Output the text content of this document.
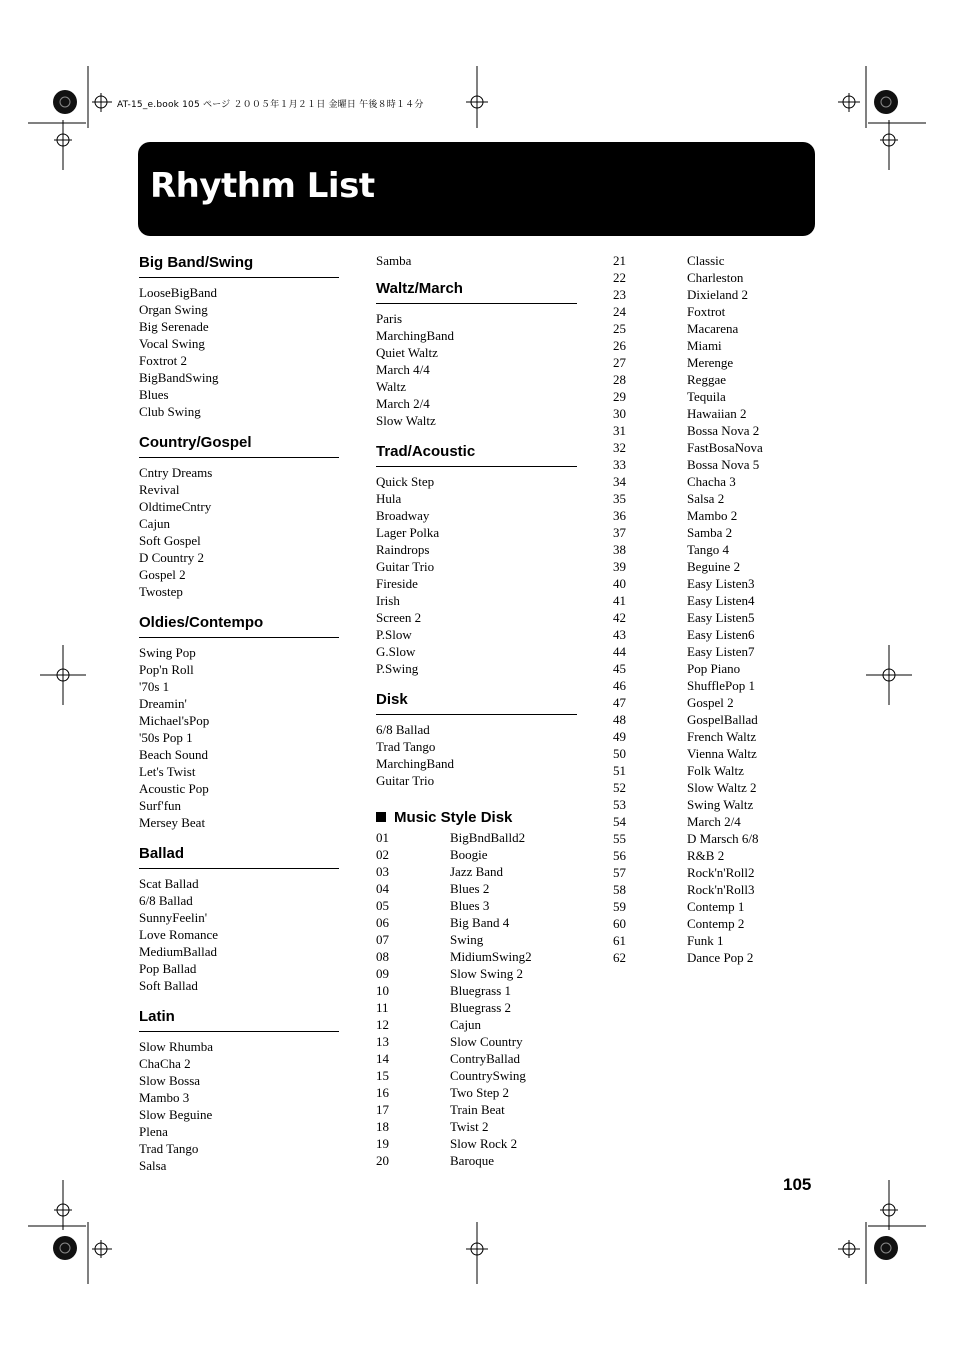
AT-15_e.book 105 ページ ２００５年１月２１日 金曜日 午後８時１４分
Rhythm List
Big Band/Swing
LooseBigBand
Organ Swing
Big Serenade
Vocal Swing
Foxtrot 2
BigBandSwing
Blues
Club Swing
Country/Gospel
Cntry Dreams
Revival
OldtimeCntry
Cajun
Soft Gospel
D Country 2
Gospel 2
Twostep
Oldies/Contempo
Swing Pop
Pop'n Roll
'70s 1
Dreamin'
Michael'sPop
'50s Pop 1
Beach Sound
Let's Twist
Acoustic Pop
Surf'fun
Mersey Beat
Ballad
Scat Ballad
6/8 Ballad
SunnyFeelin'
Love Romance
MediumBallad
Pop Ballad
Soft Ballad
Latin
Slow Rhumba
ChaCha 2
Slow Bossa
Mambo 3
Slow Beguine
Plena
Trad Tango
Salsa
Samba
Waltz/March
Paris
MarchingBand
Quiet Waltz
March 4/4
Waltz
March 2/4
Slow Waltz
Trad/Acoustic
Quick Step
Hula
Broadway
Lager Polka
Raindrops
Guitar Trio
Fireside
Irish
Screen 2
P.Slow
G.Slow
P.Swing
Disk
6/8 Ballad
Trad Tango
MarchingBand
Guitar Trio
Music Style Disk
01	BigBndBalld2
02	Boogie
03	Jazz Band
04	Blues 2
05	Blues 3
06	Big Band 4
07	Swing
08	MidiumSwing2
09	Slow Swing 2
10	Bluegrass 1
11	Bluegrass 2
12	Cajun
13	Slow Country
14	ContryBallad
15	CountrySwing
16	Two Step 2
17	Train Beat
18	Twist 2
19	Slow Rock 2
20	Baroque
21	Classic
22	Charleston
23	Dixieland 2
24	Foxtrot
25	Macarena
26	Miami
27	Merenge
28	Reggae
29	Tequila
30	Hawaiian 2
31	Bossa Nova 2
32	FastBosaNova
33	Bossa Nova 5
34	Chacha 3
35	Salsa 2
36	Mambo 2
37	Samba 2
38	Tango 4
39	Beguine 2
40	Easy Listen3
41	Easy Listen4
42	Easy Listen5
43	Easy Listen6
44	Easy Listen7
45	Pop Piano
46	ShufflePop 1
47	Gospel 2
48	GospelBallad
49	French Waltz
50	Vienna Waltz
51	Folk Waltz
52	Slow Waltz 2
53	Swing Waltz
54	March 2/4
55	D Marsch 6/8
56	R&B 2
57	Rock'n'Roll2
58	Rock'n'Roll3
59	Contemp 1
60	Contemp 2
61	Funk 1
62	Dance Pop 2
105
